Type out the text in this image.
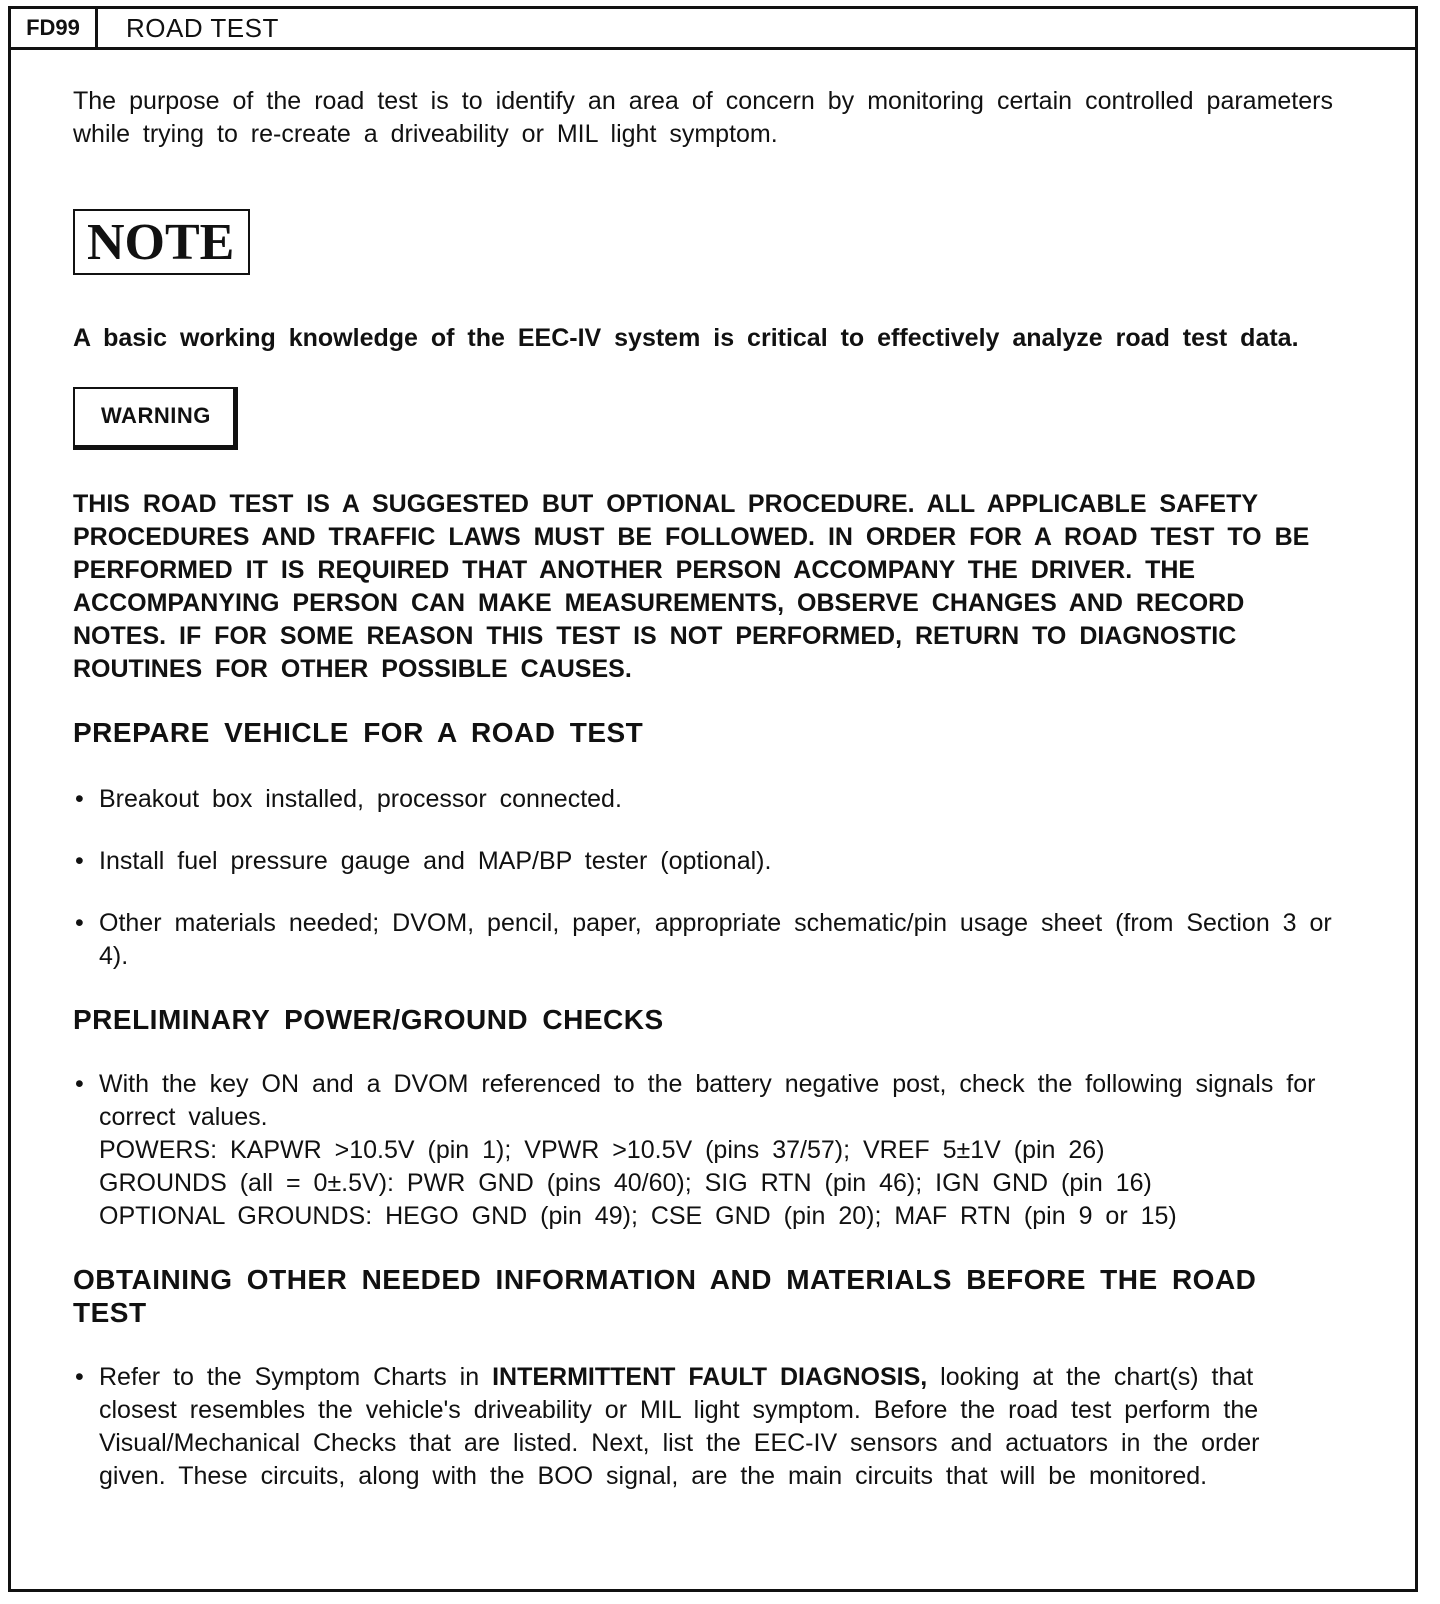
FD99	ROAD TEST

The purpose of the road test is to identify an area of concern by monitoring certain controlled parameters while trying to re-create a driveability or MIL light symptom.

NOTE

A basic working knowledge of the EEC-IV system is critical to effectively analyze road test data.

WARNING

THIS ROAD TEST IS A SUGGESTED BUT OPTIONAL PROCEDURE. ALL APPLICABLE SAFETY PROCEDURES AND TRAFFIC LAWS MUST BE FOLLOWED. IN ORDER FOR A ROAD TEST TO BE PERFORMED IT IS REQUIRED THAT ANOTHER PERSON ACCOMPANY THE DRIVER. THE ACCOMPANYING PERSON CAN MAKE MEASUREMENTS, OBSERVE CHANGES AND RECORD NOTES. IF FOR SOME REASON THIS TEST IS NOT PERFORMED, RETURN TO DIAGNOSTIC ROUTINES FOR OTHER POSSIBLE CAUSES.

PREPARE VEHICLE FOR A ROAD TEST
• Breakout box installed, processor connected.
• Install fuel pressure gauge and MAP/BP tester (optional).
• Other materials needed; DVOM, pencil, paper, appropriate schematic/pin usage sheet (from Section 3 or 4).
PRELIMINARY POWER/GROUND CHECKS
• With the key ON and a DVOM referenced to the battery negative post, check the following signals for correct values.
POWERS: KAPWR >10.5V (pin 1); VPWR >10.5V (pins 37/57); VREF 5±1V (pin 26)
GROUNDS (all = 0±.5V): PWR GND (pins 40/60); SIG RTN (pin 46); IGN GND (pin 16)
OPTIONAL GROUNDS: HEGO GND (pin 49); CSE GND (pin 20); MAF RTN (pin 9 or 15)
OBTAINING OTHER NEEDED INFORMATION AND MATERIALS BEFORE THE ROAD TEST
• Refer to the Symptom Charts in INTERMITTENT FAULT DIAGNOSIS, looking at the chart(s) that closest resembles the vehicle's driveability or MIL light symptom. Before the road test perform the Visual/Mechanical Checks that are listed. Next, list the EEC-IV sensors and actuators in the order given. These circuits, along with the BOO signal, are the main circuits that will be monitored.
